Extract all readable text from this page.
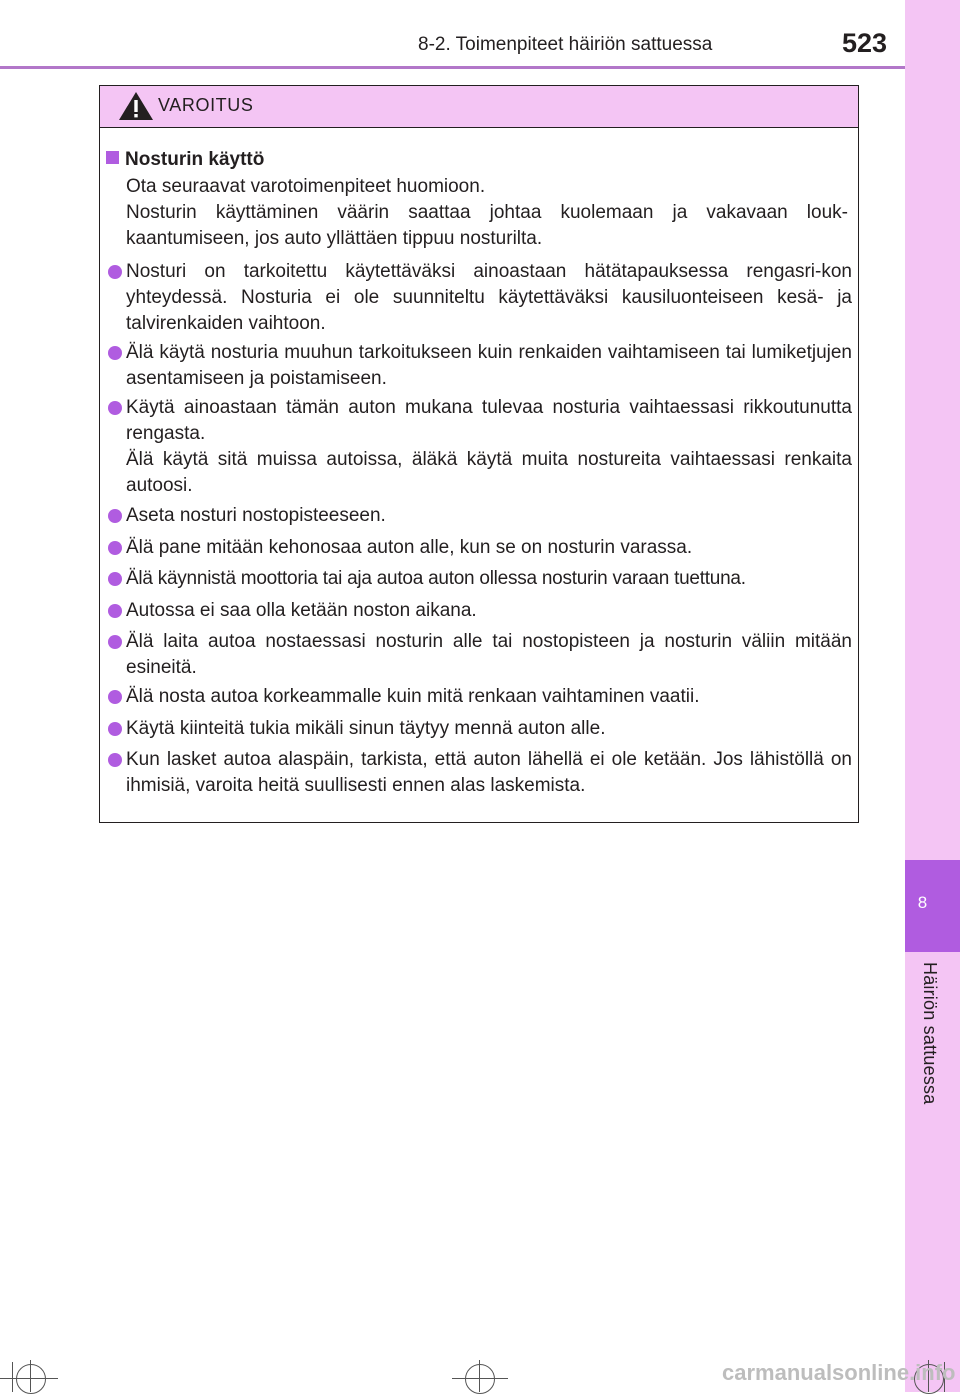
8-2. Toimenpiteet häiriön sattuessa	523
8
Häiriön sattuessa
VAROITUS
Nosturin käyttö
Ota seuraavat varotoimenpiteet huomioon.
Nosturin käyttäminen väärin saattaa johtaa kuolemaan ja vakavaan louk-kaantumiseen, jos auto yllättäen tippuu nosturilta.
Nosturi on tarkoitettu käytettäväksi ainoastaan hätätapauksessa rengasri-kon yhteydessä. Nosturia ei ole suunniteltu käytettäväksi kausiluonteiseen kesä- ja talvirenkaiden vaihtoon.
Älä käytä nosturia muuhun tarkoitukseen kuin renkaiden vaihtamiseen tai lumiketjujen asentamiseen ja poistamiseen.
Käytä ainoastaan tämän auton mukana tulevaa nosturia vaihtaessasi rikkoutunutta rengasta.
Älä käytä sitä muissa autoissa, äläkä käytä muita nostureita vaihtaessasi renkaita autoosi.
Aseta nosturi nostopisteeseen.
Älä pane mitään kehonosaa auton alle, kun se on nosturin varassa.
Älä käynnistä moottoria tai aja autoa auton ollessa nosturin varaan tuettuna.
Autossa ei saa olla ketään noston aikana.
Älä laita autoa nostaessasi nosturin alle tai nostopisteen ja nosturin väliin mitään esineitä.
Älä nosta autoa korkeammalle kuin mitä renkaan vaihtaminen vaatii.
Käytä kiinteitä tukia mikäli sinun täytyy mennä auton alle.
Kun lasket autoa alaspäin, tarkista, että auton lähellä ei ole ketään. Jos lähistöllä on ihmisiä, varoita heitä suullisesti ennen alas laskemista.
carmanualsonline.info
